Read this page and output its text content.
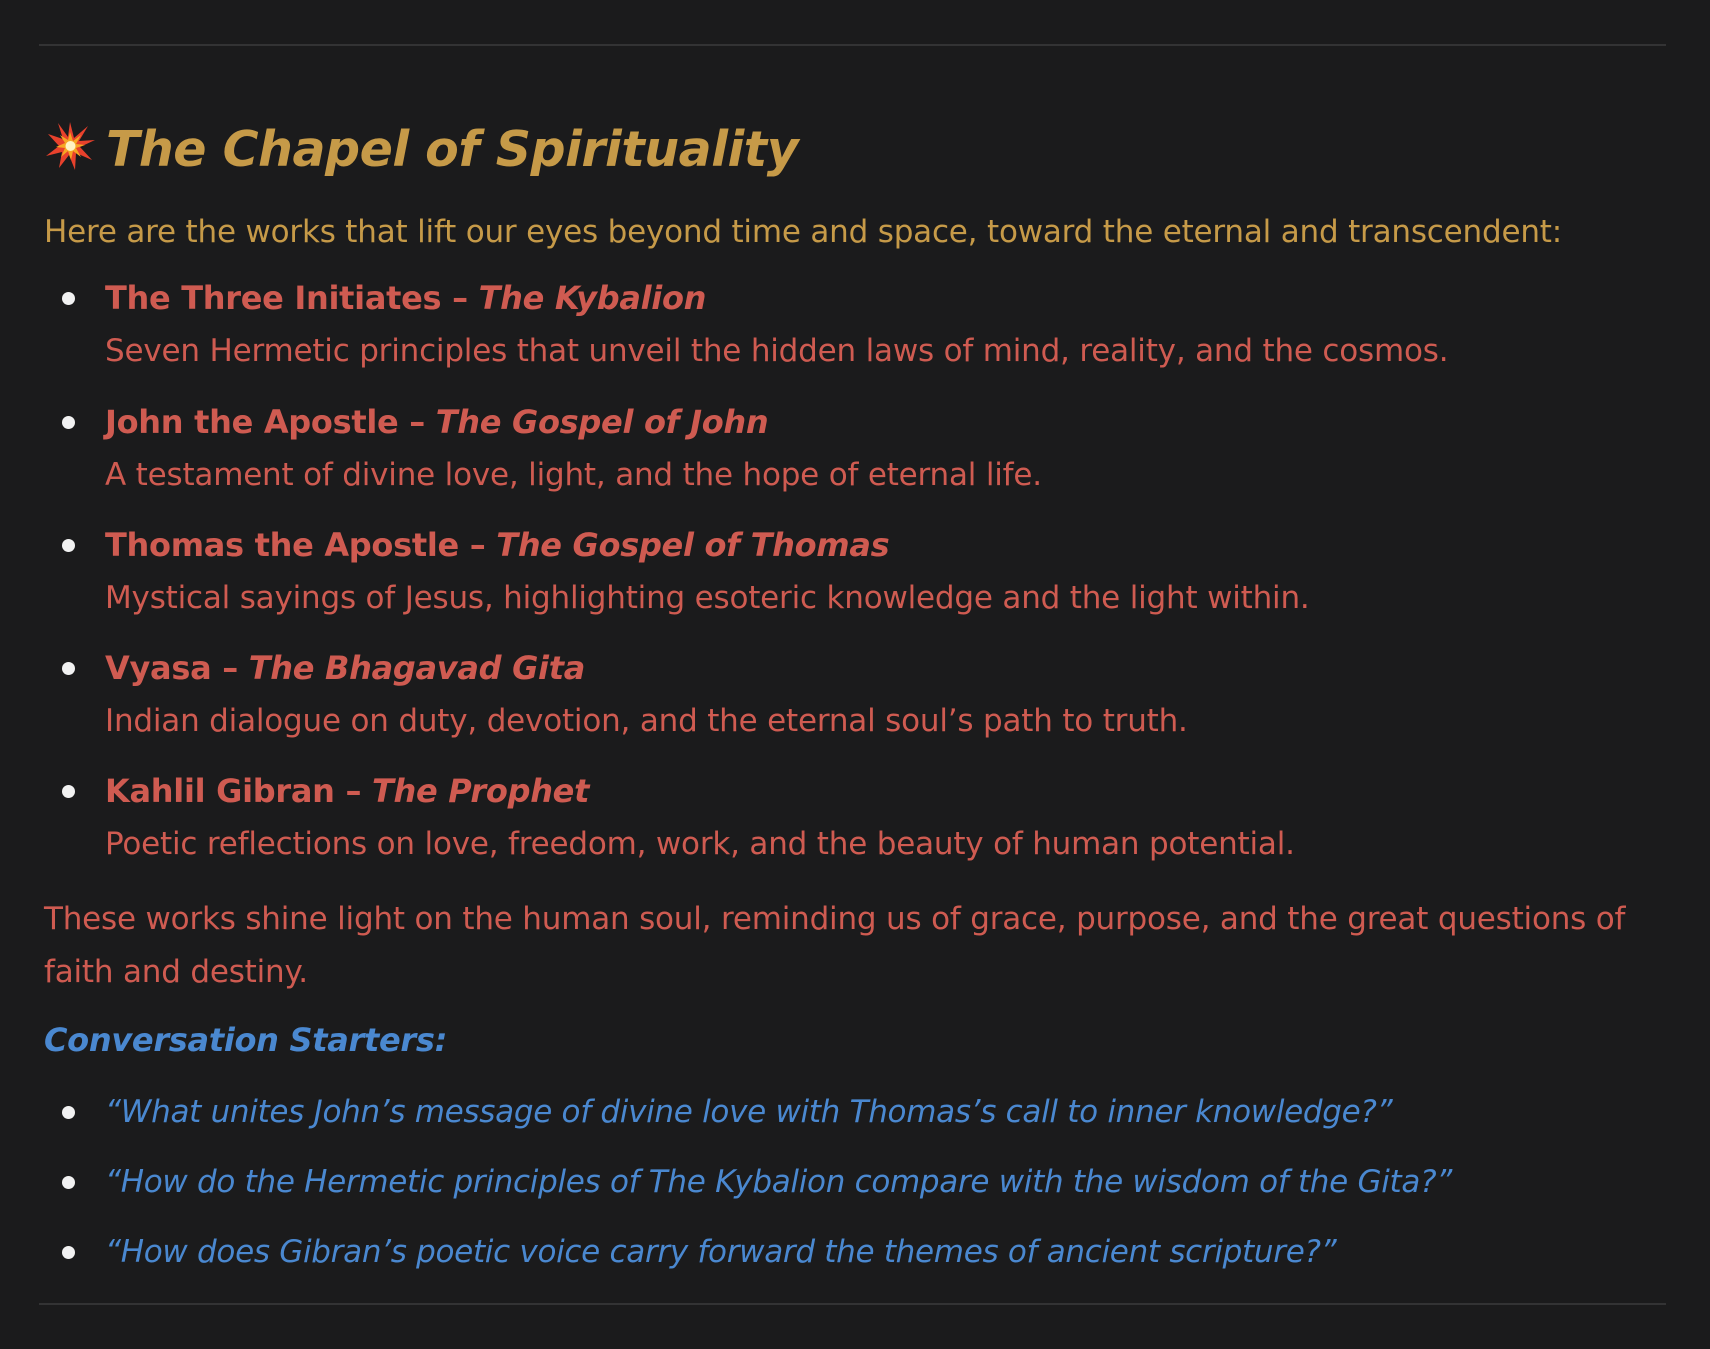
The Chapel of Spirituality

Here are the works that lift our eyes beyond time and space, toward the eternal and transcendent:

The Three Initiates – The Kybalion
Seven Hermetic principles that unveil the hidden laws of mind, reality, and the cosmos.
John the Apostle – The Gospel of John
A testament of divine love, light, and the hope of eternal life.
Thomas the Apostle – The Gospel of Thomas
Mystical sayings of Jesus, highlighting esoteric knowledge and the light within.
Vyasa – The Bhagavad Gita
Indian dialogue on duty, devotion, and the eternal soul’s path to truth.
Kahlil Gibran – The Prophet
Poetic reflections on love, freedom, work, and the beauty of human potential.

These works shine light on the human soul, reminding us of grace, purpose, and the great questions of faith and destiny.

Conversation Starters:

“What unites John’s message of divine love with Thomas’s call to inner knowledge?”
“How do the Hermetic principles of The Kybalion compare with the wisdom of the Gita?”
“How does Gibran’s poetic voice carry forward the themes of ancient scripture?”
